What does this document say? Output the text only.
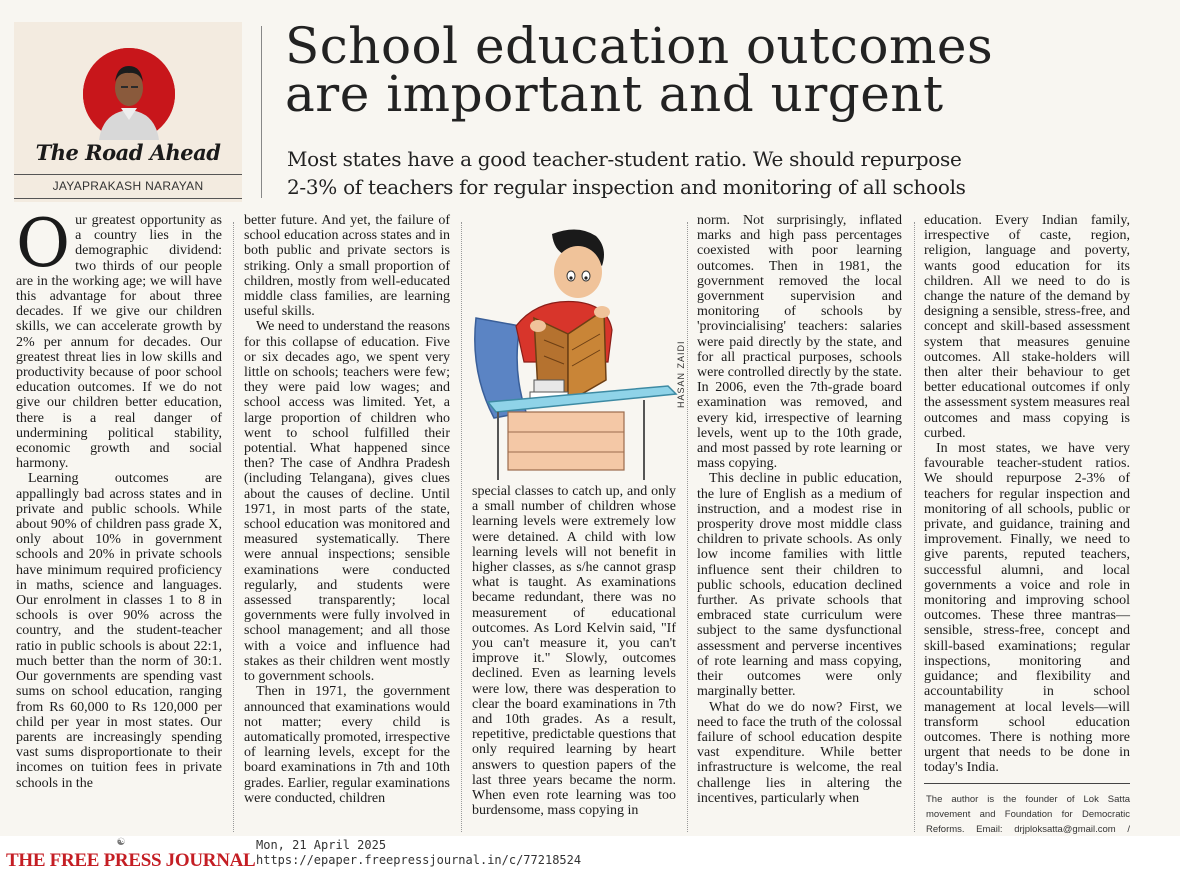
The Road Ahead
JAYAPRAKASH NARAYAN
School education outcomes
are important and urgent
Most states have a good teacher-student ratio. We should repurpose
2-3% of teachers for regular inspection and monitoring of all schools

Our greatest opportunity as a country lies in the demographic dividend: two thirds of our people are in the working age; we will have this advantage for about three decades. If we give our children skills, we can accelerate growth by 2% per annum for decades. Our greatest threat lies in low skills and productivity because of poor school education outcomes. If we do not give our children better education, there is a real danger of undermining political stability, economic growth and social harmony.

Learning outcomes are appallingly bad across states and in private and public schools. While about 90% of children pass grade X, only about 10% in government schools and 20% in private schools have minimum required proficiency in maths, science and languages. Our enrolment in classes 1 to 8 in schools is over 90% across the country, and the student-teacher ratio in public schools is about 22:1, much better than the norm of 30:1. Our governments are spending vast sums on school education, ranging from Rs 60,000 to Rs 120,000 per child per year in most states. Our parents are increasingly spending vast sums disproportionate to their incomes on tuition fees in private schools in the

better future. And yet, the failure of school education across states and in both public and private sectors is striking. Only a small proportion of children, mostly from well-educated middle class families, are learning useful skills.

We need to understand the reasons for this collapse of education. Five or six decades ago, we spent very little on schools; teachers were few; they were paid low wages; and school access was limited. Yet, a large proportion of children who went to school fulfilled their potential. What happened since then? The case of Andhra Pradesh (including Telangana), gives clues about the causes of decline. Until 1971, in most parts of the state, school education was monitored and measured systematically. There were annual inspections; sensible examinations were conducted regularly, and students were assessed transparently; local governments were fully involved in school management; and all those with a voice and influence had stakes as their children went mostly to government schools.

Then in 1971, the government announced that examinations would not matter; every child is automatically promoted, irrespective of learning levels, except for the board examinations in 7th and 10th grades. Earlier, regular examinations were conducted, children

HASAN ZAIDI

special classes to catch up, and only a small number of children whose learning levels were extremely low were detained. A child with low learning levels will not benefit in higher classes, as s/he cannot grasp what is taught. As examinations became redundant, there was no measurement of educational outcomes. As Lord Kelvin said, "If you can't measure it, you can't improve it." Slowly, outcomes declined. Even as learning levels were low, there was desperation to clear the board examinations in 7th and 10th grades. As a result, repetitive, predictable questions that only required learning by heart answers to question papers of the last three years became the norm. When even rote learning was too burdensome, mass copying in

norm. Not surprisingly, inflated marks and high pass percentages coexisted with poor learning outcomes. Then in 1981, the government removed the local government supervision and monitoring of schools by 'provincialising' teachers: salaries were paid directly by the state, and for all practical purposes, schools were controlled directly by the state. In 2006, even the 7th-grade board examination was removed, and every kid, irrespective of learning levels, went up to the 10th grade, and most passed by rote learning or mass copying.

This decline in public education, the lure of English as a medium of instruction, and a modest rise in prosperity drove most middle class children to private schools. As only low income families with little influence sent their children to public schools, education declined further. As private schools that embraced state curriculum were subject to the same dysfunctional assessment and perverse incentives of rote learning and mass copying, their outcomes were only marginally better.

What do we do now? First, we need to face the truth of the colossal failure of school education despite vast expenditure. While better infrastructure is welcome, the real challenge lies in altering the incentives, particularly when

education. Every Indian family, irrespective of caste, region, religion, language and poverty, wants good education for its children. All we need to do is change the nature of the demand by designing a sensible, stress-free, and concept and skill-based assessment system that measures genuine outcomes. All stake-holders will then alter their behaviour to get better educational outcomes if only the assessment system measures real outcomes and mass copying is curbed.

In most states, we have very favourable teacher-student ratios. We should repurpose 2-3% of teachers for regular inspection and monitoring of all schools, public or private, and guidance, training and improvement. Finally, we need to give parents, reputed teachers, successful alumni, and local governments a voice and role in monitoring and improving school outcomes. These three mantras—sensible, stress-free, concept and skill-based examinations; regular inspections, monitoring and guidance; and flexibility and accountability in school management at local levels—will transform school education outcomes. There is nothing more urgent that needs to be done in today's India.

The author is the founder of Lok Satta movement and Foundation for Democratic Reforms. Email: drjploksatta@gmail.com /
☯
THE FREE PRESS JOURNAL
Mon, 21 April 2025
https://epaper.freepressjournal.in/c/77218524
